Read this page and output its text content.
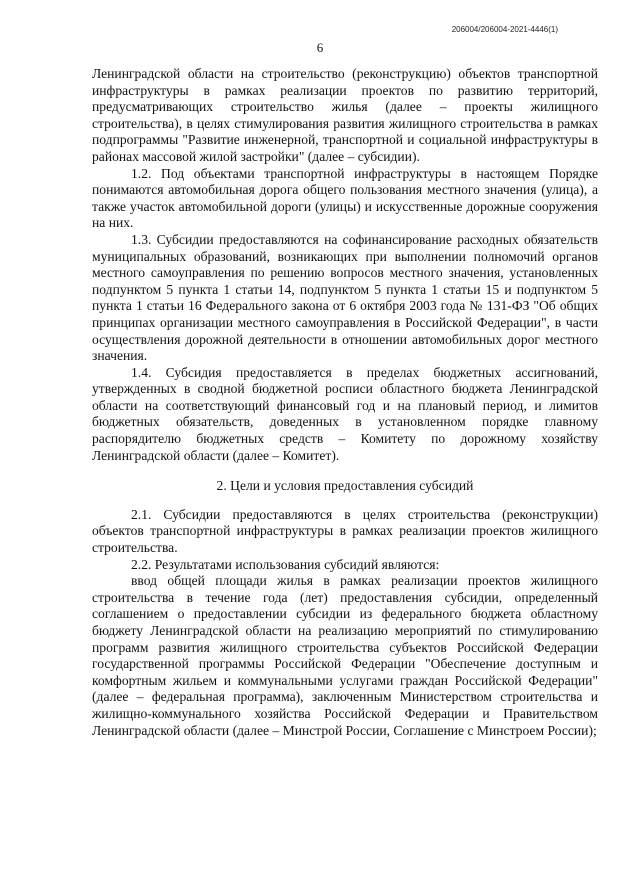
206004/206004-2021-4446(1)
6

Ленинградской области на строительство (реконструкцию) объектов транспортной инфраструктуры в рамках реализации проектов по развитию территорий, предусматривающих строительство жилья (далее – проекты жилищного строительства), в целях стимулирования развития жилищного строительства в рамках подпрограммы "Развитие инженерной, транспортной и социальной инфраструктуры в районах массовой жилой застройки" (далее – субсидии).

1.2. Под объектами транспортной инфраструктуры в настоящем Порядке понимаются автомобильная дорога общего пользования местного значения (улица), а также участок автомобильной дороги (улицы) и искусственные дорожные сооружения на них.

1.3. Субсидии предоставляются на софинансирование расходных обязательств муниципальных образований, возникающих при выполнении полномочий органов местного самоуправления по решению вопросов местного значения, установленных подпунктом 5 пункта 1 статьи 14, подпунктом 5 пункта 1 статьи 15 и подпунктом 5 пункта 1 статьи 16 Федерального закона от 6 октября 2003 года № 131-ФЗ "Об общих принципах организации местного самоуправления в Российской Федерации", в части осуществления дорожной деятельности в отношении автомобильных дорог местного значения.

1.4. Субсидия предоставляется в пределах бюджетных ассигнований, утвержденных в сводной бюджетной росписи областного бюджета Ленинградской области на соответствующий финансовый год и на плановый период, и лимитов бюджетных обязательств, доведенных в установленном порядке главному распорядителю бюджетных средств – Комитету по дорожному хозяйству Ленинградской области (далее – Комитет).

2. Цели и условия предоставления субсидий

2.1. Субсидии предоставляются в целях строительства (реконструкции) объектов транспортной инфраструктуры в рамках реализации проектов жилищного строительства.

2.2. Результатами использования субсидий являются:

ввод общей площади жилья в рамках реализации проектов жилищного строительства в течение года (лет) предоставления субсидии, определенный соглашением о предоставлении субсидии из федерального бюджета областному бюджету Ленинградской области на реализацию мероприятий по стимулированию программ развития жилищного строительства субъектов Российской Федерации государственной программы Российской Федерации "Обеспечение доступным и комфортным жильем и коммунальными услугами граждан Российской Федерации" (далее – федеральная программа), заключенным Министерством строительства и жилищно-коммунального хозяйства Российской Федерации и Правительством Ленинградской области (далее – Минстрой России, Соглашение с Минстроем России);
